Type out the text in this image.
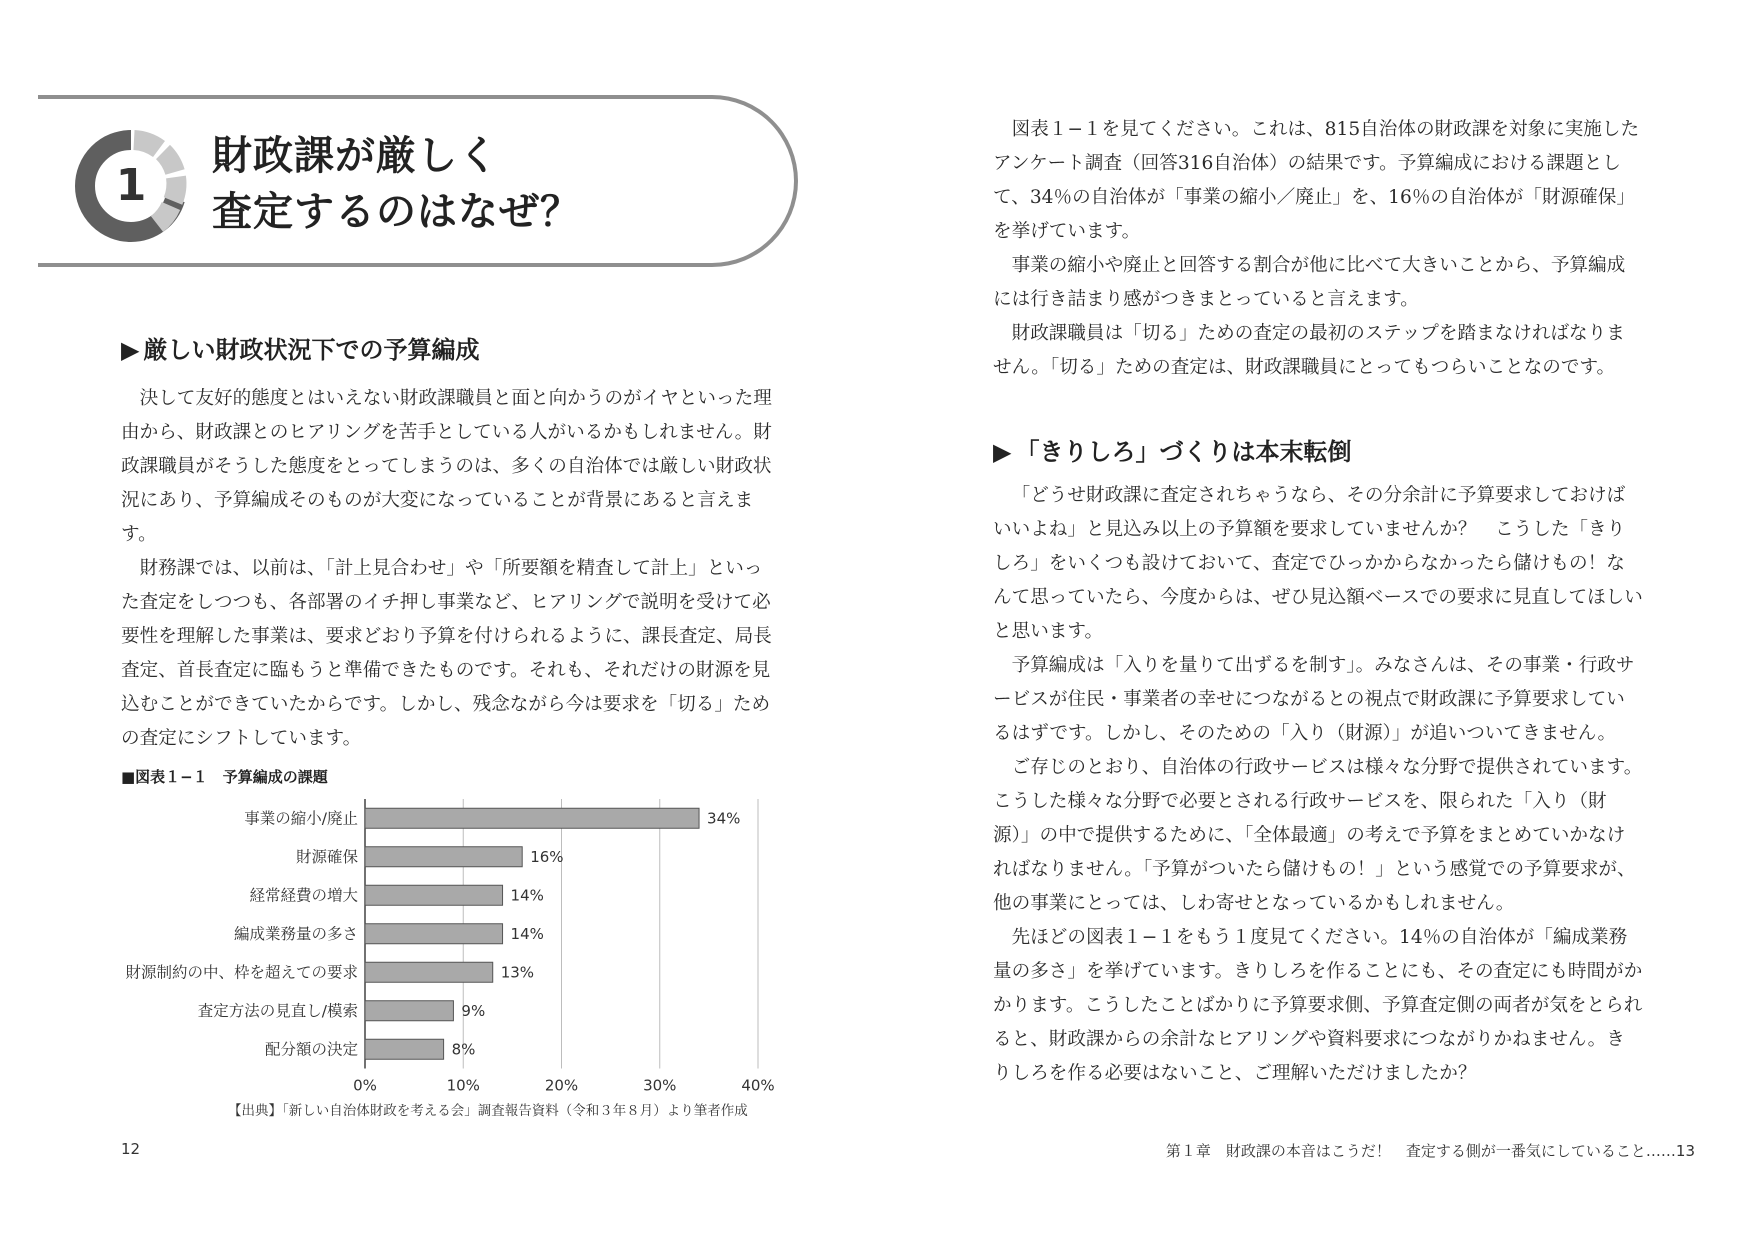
1
財政課が厳しく
査定するのはなぜ？
▶ 厳しい財政状況下での予算編成

決して友好的態度とはいえない財政課職員と面と向かうのがイヤといった理由から、財政課とのヒアリングを苦手としている人がいるかもしれません。財政課職員がそうした態度をとってしまうのは、多くの自治体では厳しい財政状況にあり、予算編成そのものが大変になっていることが背景にあると言えます。

財務課では、以前は、「計上見合わせ」や「所要額を精査して計上」といった査定をしつつも、各部署のイチ押し事業など、ヒアリングで説明を受けて必要性を理解した事業は、要求どおり予算を付けられるように、課長査定、局長査定、首長査定に臨もうと準備できたものです。それも、それだけの財源を見込むことができていたからです。しかし、残念ながら今は要求を「切る」ための査定にシフトしています。

■図表１−１　予算編成の課題
0%	10%	20%	30%	40%
事業の縮小/廃止	34%
財源確保	16%
経常経費の増大	14%
編成業務量の多さ	14%
財源制約の中、枠を超えての要求	13%
査定方法の見直し/模索	9%
配分額の決定	8%
【出典】「新しい自治体財政を考える会」調査報告資料（令和３年８月）より筆者作成
12

図表１−１を見てください。これは、815自治体の財政課を対象に実施したアンケート調査（回答316自治体）の結果です。予算編成における課題として、34％の自治体が「事業の縮小／廃止」を、16％の自治体が「財源確保」を挙げています。

事業の縮小や廃止と回答する割合が他に比べて大きいことから、予算編成には行き詰まり感がつきまとっていると言えます。

財政課職員は「切る」ための査定の最初のステップを踏まなければなりません。「切る」ための査定は、財政課職員にとってもつらいことなのです。

▶ 「きりしろ」づくりは本末転倒

「どうせ財政課に査定されちゃうなら、その分余計に予算要求しておけばいいよね」と見込み以上の予算額を要求していませんか？　こうした「きりしろ」をいくつも設けておいて、査定でひっかからなかったら儲けもの！なんて思っていたら、今度からは、ぜひ見込額ベースでの要求に見直してほしいと思います。

予算編成は「入りを量りて出ずるを制す」。みなさんは、その事業・行政サービスが住民・事業者の幸せにつながるとの視点で財政課に予算要求しているはずです。しかし、そのための「入り（財源）」が追いついてきません。

ご存じのとおり、自治体の行政サービスは様々な分野で提供されています。こうした様々な分野で必要とされる行政サービスを、限られた「入り（財源）」の中で提供するために、「全体最適」の考えで予算をまとめていかなければなりません。「予算がついたら儲けもの！」という感覚での予算要求が、他の事業にとっては、しわ寄せとなっているかもしれません。

先ほどの図表１−１をもう１度見てください。14％の自治体が「編成業務量の多さ」を挙げています。きりしろを作ることにも、その査定にも時間がかかります。こうしたことばかりに予算要求側、予算査定側の両者が気をとられると、財政課からの余計なヒアリングや資料要求につながりかねません。きりしろを作る必要はないこと、ご理解いただけましたか？

第１章　財政課の本音はこうだ！　査定する側が一番気にしていること……13
